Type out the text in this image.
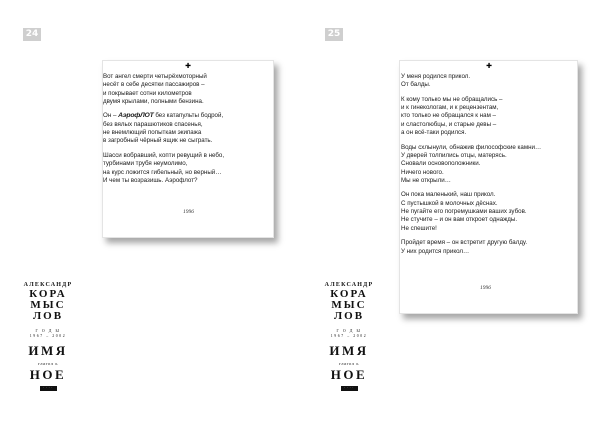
24
✚
Вот ангел смерти четырёхмоторный
несёт в себе десятки пассажиров –
и покрывает сотни километров
двумя крылами, полными бензина.
Он – АэрофЛОТ без катапульты бодрой,
без вялых парашютиков спасенья,
не внемлющий попыткам экипажа
в загробный чёрный ящик не сыграть.
Шасси вобравший, копти ревущий в небо,
турбинами трубя неумолимо,
на курс ложится гибельный, но верный…
И чем ты возразишь. Аэрофлот?
1996
АЛЕКСАНДР
КОРА
МЫС
ЛОВ
Г О Д Ы
1967 – 2002
ИМЯ
глагол ь
НОЕ
· · · ·
25
✚
У меня родился прикол.
От балды.
К кому только мы не обращались –
и к гинекологам, и к рецензентам,
кто только не обращался к нам –
и сластолюбцы, и старые девы –
а он всё-таки родился.
Воды схлынули, обнажив философские камни…
У дверей толпились отцы, матерясь.
Сновали основоположники.
Ничего нового.
Мы не открыли…
Он пока маленький, наш прикол.
С пустышкой в молочных дёснах.
Не пугайте его погремушками ваших зубов.
Не стучите – и он вам откроет однажды.
Не спешите!
Пройдет время – он встретит другую балду.
У них родится прикол…
1996
АЛЕКСАНДР
КОРА
МЫС
ЛОВ
Г О Д Ы
1967 – 2002
ИМЯ
глагол ь
НОЕ
· · · ·
